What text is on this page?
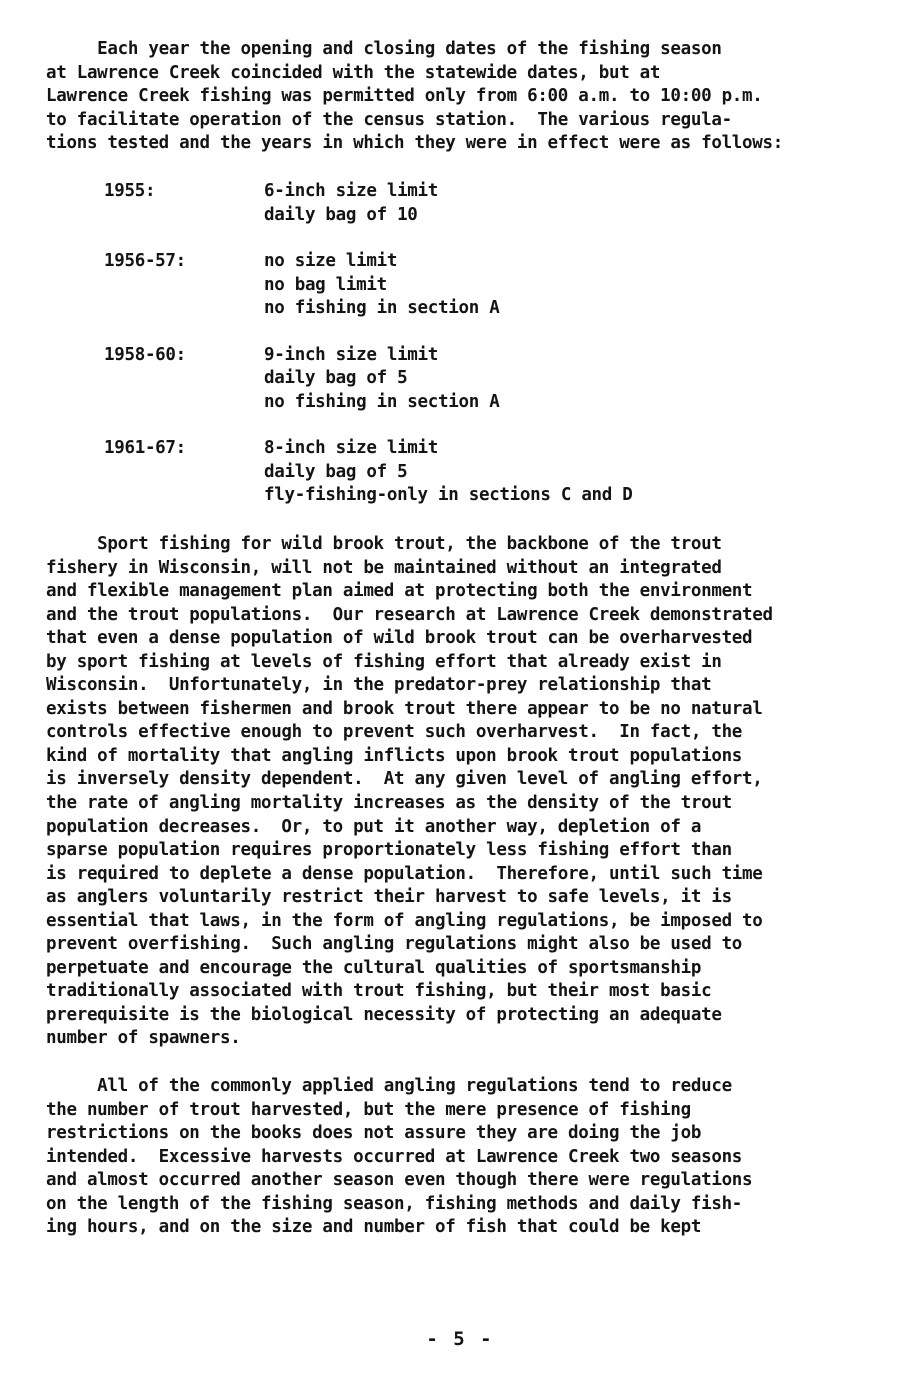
Each year the opening and closing dates of the fishing season
at Lawrence Creek coincided with the statewide dates, but at
Lawrence Creek fishing was permitted only from 6:00 a.m. to 10:00 p.m.
to facilitate operation of the census station.  The various regula-
tions tested and the years in which they were in effect were as follows:
1955:	6-inch size limit
daily bag of 10
1956-57:	no size limit
no bag limit
no fishing in section A
1958-60:	9-inch size limit
daily bag of 5
no fishing in section A
1961-67:	8-inch size limit
daily bag of 5
fly-fishing-only in sections C and D
Sport fishing for wild brook trout, the backbone of the trout
fishery in Wisconsin, will not be maintained without an integrated
and flexible management plan aimed at protecting both the environment
and the trout populations.  Our research at Lawrence Creek demonstrated
that even a dense population of wild brook trout can be overharvested
by sport fishing at levels of fishing effort that already exist in
Wisconsin.  Unfortunately, in the predator-prey relationship that
exists between fishermen and brook trout there appear to be no natural
controls effective enough to prevent such overharvest.  In fact, the
kind of mortality that angling inflicts upon brook trout populations
is inversely density dependent.  At any given level of angling effort,
the rate of angling mortality increases as the density of the trout
population decreases.  Or, to put it another way, depletion of a
sparse population requires proportionately less fishing effort than
is required to deplete a dense population.  Therefore, until such time
as anglers voluntarily restrict their harvest to safe levels, it is
essential that laws, in the form of angling regulations, be imposed to
prevent overfishing.  Such angling regulations might also be used to
perpetuate and encourage the cultural qualities of sportsmanship
traditionally associated with trout fishing, but their most basic
prerequisite is the biological necessity of protecting an adequate
number of spawners.
All of the commonly applied angling regulations tend to reduce
the number of trout harvested, but the mere presence of fishing
restrictions on the books does not assure they are doing the job
intended.  Excessive harvests occurred at Lawrence Creek two seasons
and almost occurred another season even though there were regulations
on the length of the fishing season, fishing methods and daily fish-
ing hours, and on the size and number of fish that could be kept
- 5 -
